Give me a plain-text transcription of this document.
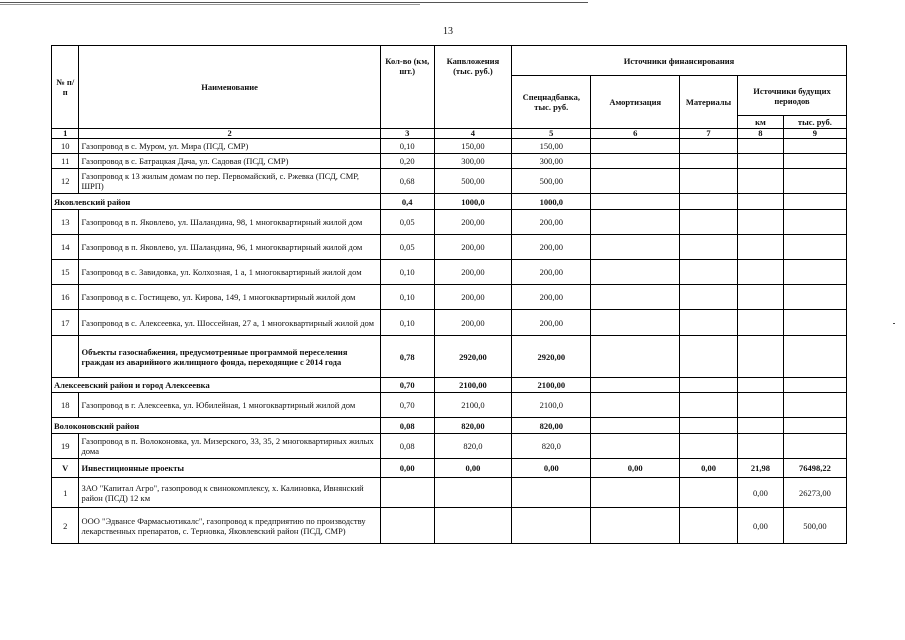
13
№ п/п	Наименование	Кол-во (км, шт.)	Капвложения (тыс. руб.)	Источники финансирования				
				Спецнадбавка, тыс. руб.	Амортизация	Материалы	Источники будущих периодов	
							км	тыс. руб.
1	2	3	4	5	6	7	8	9
10	Газопровод в с. Муром, ул. Мира (ПСД, СМР)	0,10	150,00	150,00				
11	Газопровод в с. Батрацкая Дача, ул. Садовая (ПСД, СМР)	0,20	300,00	300,00				
12	Газопровод к 13 жилым домам по пер. Первомайский, с. Ржевка (ПСД, СМР, ШРП)	0,68	500,00	500,00				
Яковлевский район		0,4	1000,0	1000,0				
13	Газопровод в п. Яковлево, ул. Шаландина, 98, 1 многоквартирный жилой дом	0,05	200,00	200,00				
14	Газопровод в п. Яковлево, ул. Шаландина, 96, 1 многоквартирный жилой дом	0,05	200,00	200,00				
15	Газопровод в с. Завидовка, ул. Колхозная, 1 а, 1 многоквартирный жилой дом	0,10	200,00	200,00				
16	Газопровод в с. Гостищево, ул. Кирова, 149, 1 многоквартирный жилой дом	0,10	200,00	200,00				
17	Газопровод в с. Алексеевка, ул. Шоссейная, 27 а, 1 многоквартирный жилой дом	0,10	200,00	200,00				
	Объекты газоснабжения, предусмотренные программой переселения граждан из аварийного жилищного фонда, переходящие с 2014 года	0,78	2920,00	2920,00				
Алексеевский район и город Алексеевка		0,70	2100,00	2100,00				
18	Газопровод в г. Алексеевка, ул. Юбилейная, 1 многоквартирный жилой дом	0,70	2100,0	2100,0				
Волоконовский район		0,08	820,00	820,00				
19	Газопровод в п. Волоконовка, ул. Мизерского, 33, 35, 2 многоквартирных жилых дома	0,08	820,0	820,0				
V	Инвестиционные проекты	0,00	0,00	0,00	0,00	0,00	21,98	76498,22
1	ЗАО "Капитал Агро", газопровод к свинокомплексу, х. Калиновка, Ивнянский район (ПСД) 12 км						0,00	26273,00
2	ООО "Эдвансе Фармасьютикалс", газопровод к предприятию по производству лекарственных препаратов, с. Терновка, Яковлевский район (ПСД, СМР)						0,00	500,00
